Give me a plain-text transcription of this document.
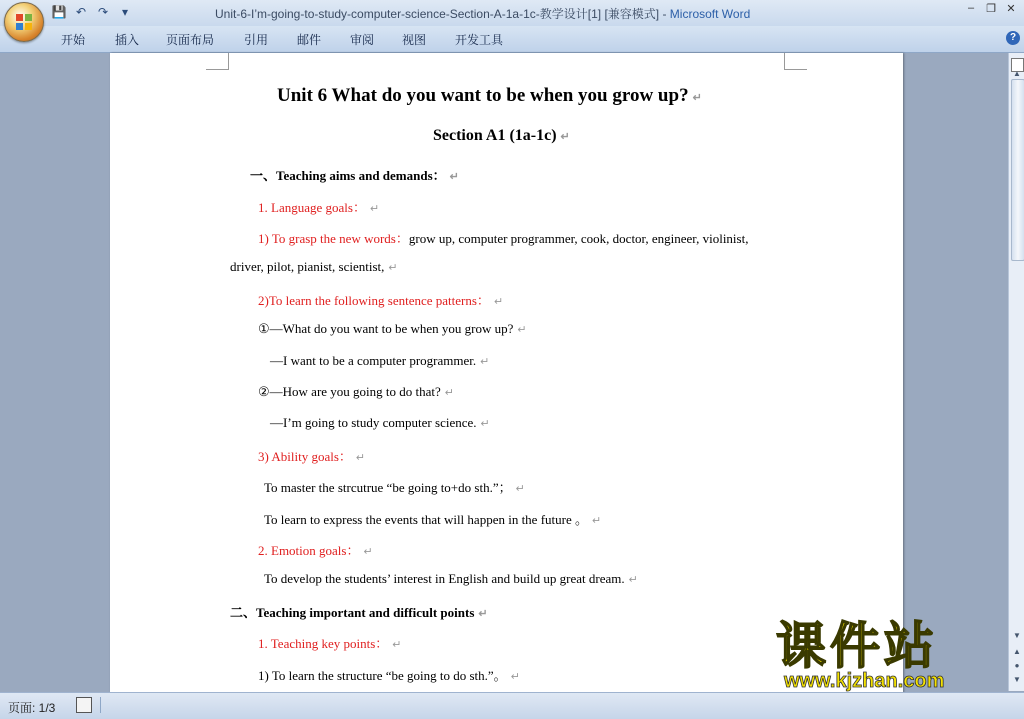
💾 ↶ ↷	▾	Unit-6-I’m-going-to-study-computer-science-Section-A-1a-1c-教学设计[1] [兼容模式] - Microsoft Word	–	❐ ✕
开始 插入 页面布局 引用 邮件 审阅 视图 开发工具	?
Unit 6 What do you want to be when you grow up? ↵
Section A1 (1a-1c) ↵
一、Teaching aims and demands： ↵
1. Language goals： ↵
1) To grasp the new words：grow up, computer programmer, cook, doctor, engineer, violinist,
driver, pilot, pianist, scientist, ↵
2)To learn the following sentence patterns： ↵
①—What do you want to be when you grow up? ↵
—I want to be a computer programmer. ↵
②—How are you going to do that? ↵
—I’m going to study computer science. ↵
3) Ability goals： ↵
To master the strcutrue “be going to+do sth.”； ↵
To learn to express the events that will happen in the future 。 ↵
2. Emotion goals： ↵
To develop the students’ interest in English and build up great dream. ↵
二、Teaching important and difficult points ↵
1. Teaching key points： ↵
1) To learn the structure “be going to do sth.”。 ↵
▲
▼
▲
●
▼
页面: 1/3
课件站
www.kjzhan.com
